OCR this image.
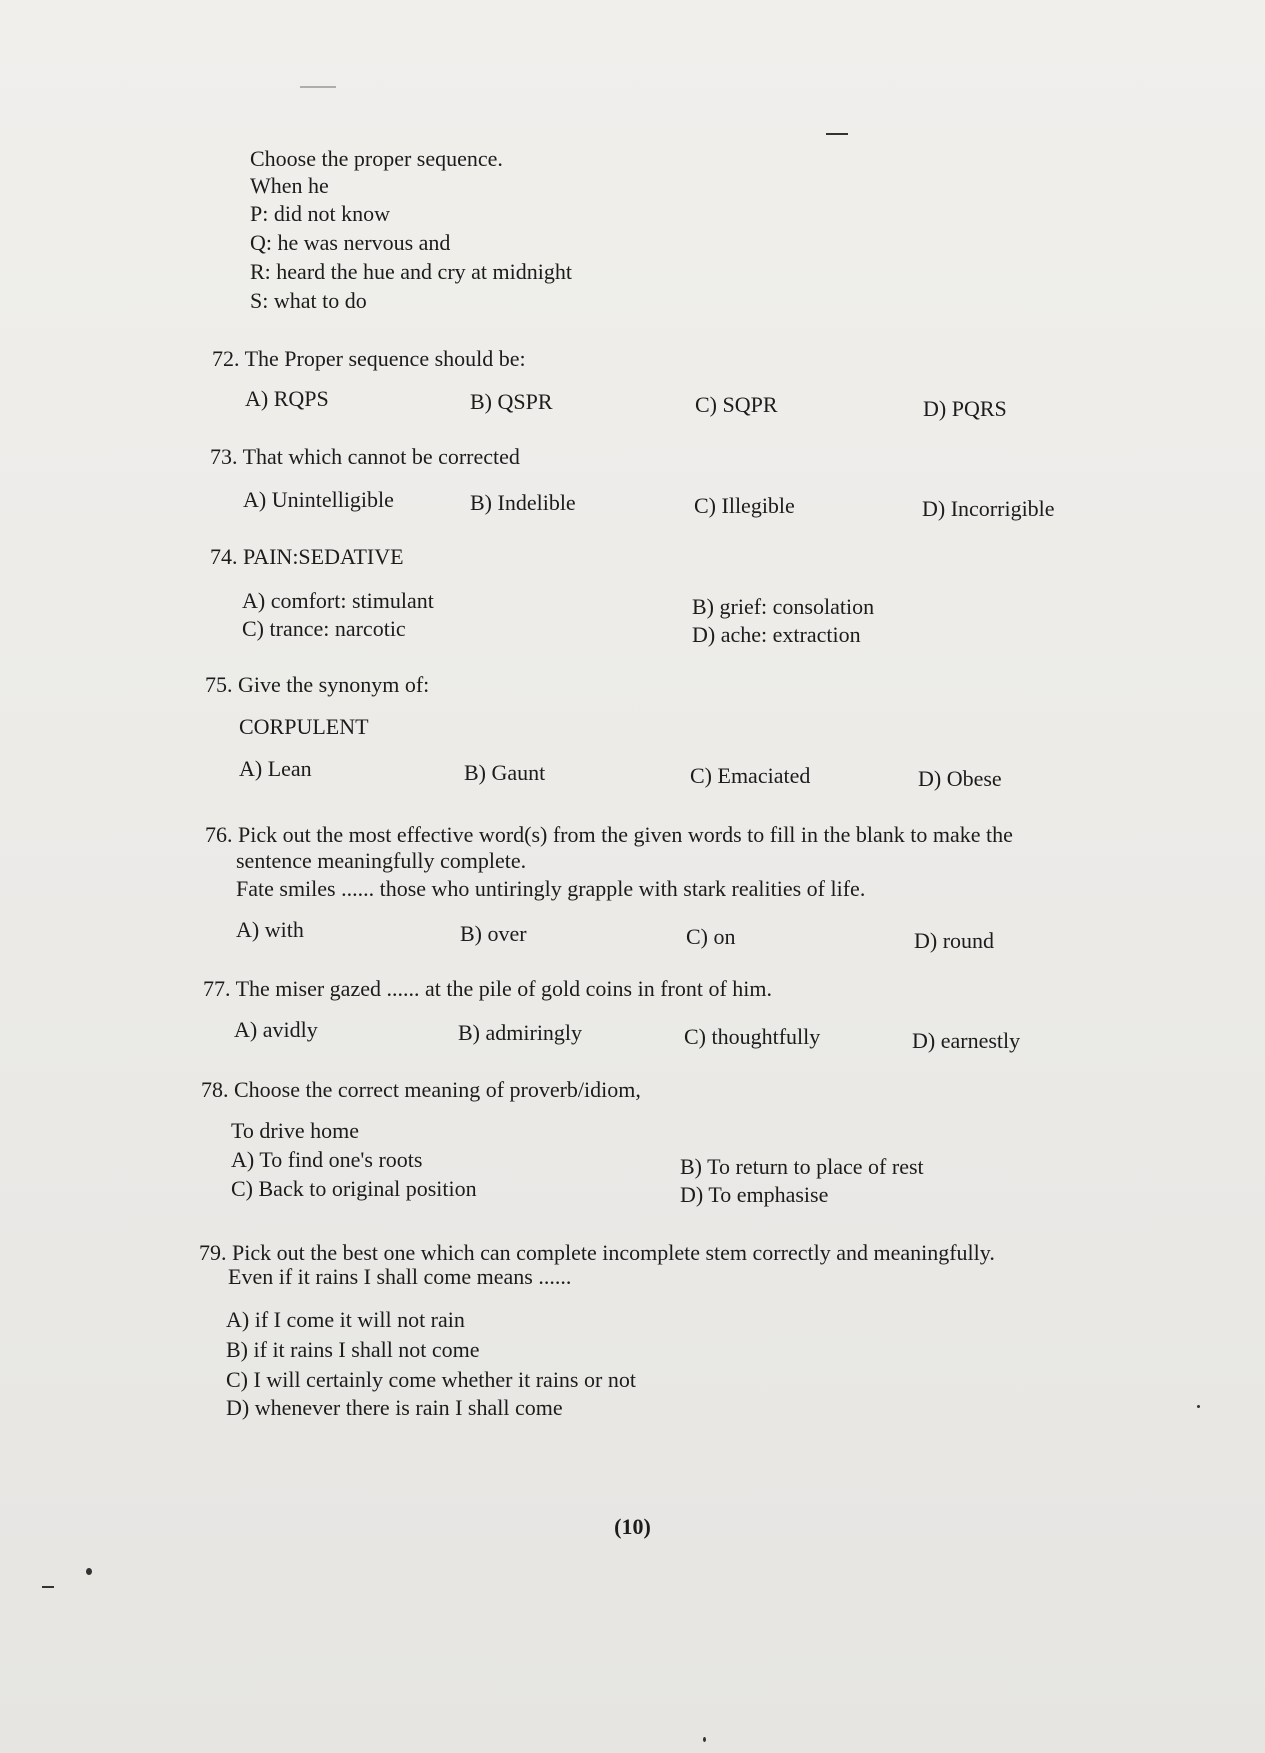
Choose the proper sequence.
When he
P: did not know
Q: he was nervous and
R: heard the hue and cry at midnight
S: what to do
72. The Proper sequence should be:
A) RQPS	B) QSPR	C) SQPR	D) PQRS
73. That which cannot be corrected
A) Unintelligible	B) Indelible	C) Illegible	D) Incorrigible
74. PAIN:SEDATIVE
A) comfort: stimulant	B) grief: consolation
C) trance: narcotic	D) ache: extraction
75. Give the synonym of:
CORPULENT
A) Lean	B) Gaunt	C) Emaciated	D) Obese
76. Pick out the most effective word(s) from the given words to fill in the blank to make the
sentence meaningfully complete.
Fate smiles ...... those who untiringly grapple with stark realities of life.
A) with	B) over	C) on	D) round
77. The miser gazed ...... at the pile of gold coins in front of him.
A) avidly	B) admiringly	C) thoughtfully	D) earnestly
78. Choose the correct meaning of proverb/idiom,
To drive home
A) To find one's roots	B) To return to place of rest
C) Back to original position	D) To emphasise
79. Pick out the best one which can complete incomplete stem correctly and meaningfully.
Even if it rains I shall come means ......
A) if I come it will not rain
B) if it rains I shall not come
C) I will certainly come whether it rains or not
D) whenever there is rain I shall come
(10)
